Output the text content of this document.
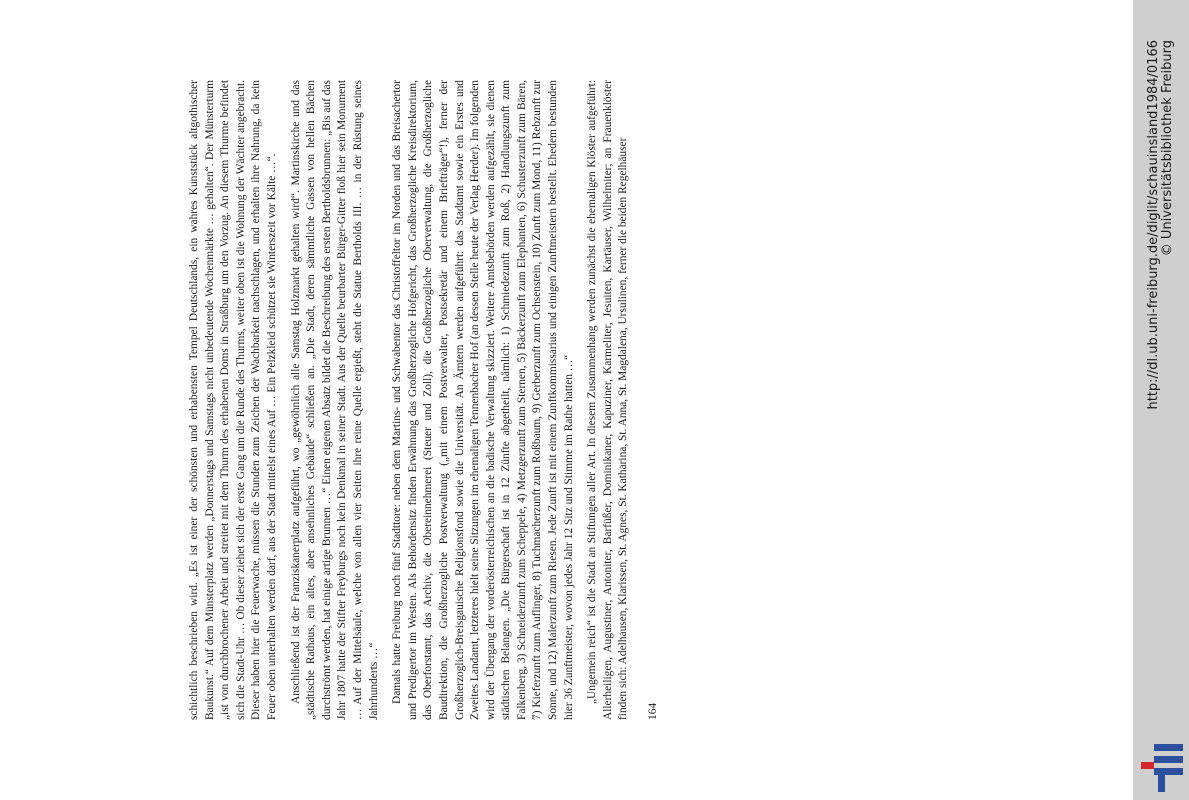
schichtlich beschrieben wird. „Es ist einer der schönsten und erhabensten Tempel Deutschlands, ein wahres Kunststück altgothischer Baukunst.“ Auf dem Münsterplatz werden „Donnerstags und Samstags nicht unbedeutende Wochenmärkte … gehalten“. Der Münsterturm „ist von durchbrochener Arbeit und streitet mit dem Thurm des erhabenen Doms in Straßburg um den Vorzug. An diesem Thurme befindet sich die Stadt-Uhr … Ob dieser ziehet sich der erste Gang um die Runde des Thurms, weiter oben ist die Wohnung der Wächter angebracht. Dieser haben hier die Feuerwache, müssen die Stunden zum Zeichen der Wachbarkeit nachschlagen, und erhalten ihre Nahrung, da kein Feuer oben unterhalten werden darf, aus der Stadt mittelst eines Auf … Ein Pelzkleid schützet sie Winterszeit vor Kälte …“. Anschließend ist der Franziskanerplatz aufgeführt, wo „gewöhnlich alle Samstag Holzmarkt gehalten wird“. Martinskirche und das „städtische Rathaus, ein altes, aber ansehnliches Gebäude“ schließen an. „Die Stadt, deren sämmtliche Gassen von hellen Bächen durchströmt werden, hat einige artige Brunnen …“ Einen eigenen Absatz bildet die Beschreibung des ersten Bertholdsbrunnen: „Bis auf das Jahr 1807 hatte der Stifter Freyburgs noch kein Denkmal in seiner Stadt. Aus der Quelle beurbarter Bürger-Gitter floß hier sein Monument … Auf der Mittelsäule, welche von allen vier Seiten ihre reine Quelle ergießt, steht die Statue Bertholds III. … in der Rüstung seines Jahrhunderts …“ Damals hatte Freiburg noch fünf Stadttore: neben dem Martins- und Schwabentor das Christoffeltor im Norden und das Breisachertor und Predigertor im Westen. Als Behördensitz finden Erwähnung das Großherzogliche Hofgericht, das Großherzogliche Kreisdirektorium, das Oberforstamt, das Archiv, die Obereinnehmerei (Steuer und Zoll), die Großherzogliche Oberverwaltung, die Großherzogliche Baudirektion, die Großherzogliche Postverwaltung („mit einem Postverwalter, Postsekretär und einem Briefträger“!), ferner der Großherzoglich-Breisgauische Religionsfond sowie die Universität. An Ämtern werden aufgeführt: das Stadtamt sowie ein Erstes und Zweites Landamt, letzteres hielt seine Sitzungen im ehemaligen Tennenbacher Hof (an dessen Stelle heute der Verlag Herder). Im folgenden wird der Übergang der vorderösterreichischen an die badische Verwaltung skizziert. Weitere Amtsbehörden werden aufgezählt, sie dienen städtischen Belangen. „Die Bürgerschaft ist in 12 Zünfte abgetheilt, nämlich: 1) Schmiedezunft zum Roß, 2) Handlungszunft zum Falkenberg, 3) Schneiderzunft zum Scheppele, 4) Metzgerzunft zum Sternen, 5) Bäckerzunft zum Elephanten, 6) Schusterzunft zum Bären, 7) Kieferzunft zum Auflinger, 8) Tuchmacherzunft zum Roßbaum, 9) Gerberzunft zum Ochsenstein, 10) Zunft zum Mond, 11) Rebzunft zur Sonne, und 12) Malerzunft zum Riesen. Jede Zunft ist mit einem Zunftkommissarius und einigen Zunftmeistern bestellt. Ehedem bestunden hier 36 Zunftmeister, wovon jedes Jahr 12 Sitz und Stimme im Rathe hatten …“ „Ungemein reich“ ist die Stadt an Stiftungen aller Art. In diesem Zusammenhang werden zunächst die ehemaligen Klöster aufgeführt: Allerheiligen, Augustiner, Antoniter, Barfüßer, Dominikaner, Kapuziner, Karmeliter, Jesuiten, Kartäuser, Wilhelmiter; an Frauenklöster finden sich: Adelhausen, Klarissen, St. Agnes, St. Katharina, St. Anna, St. Magdalena, Ursulinen, ferner die beiden Regelhäuser 164
http://dl.ub.uni-freiburg.de/diglit/schauinsland1984/0166 © Universitätsbibliothek Freiburg
